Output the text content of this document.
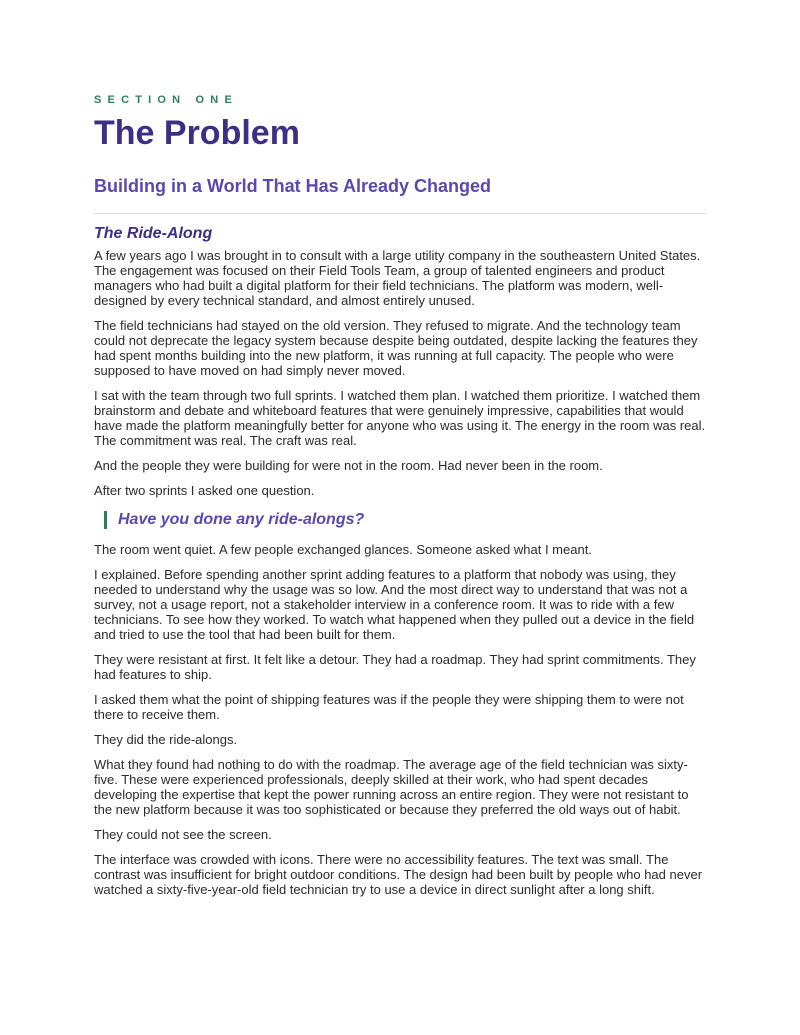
SECTION ONE

The Problem
Building in a World That Has Already Changed
The Ride-Along

A few years ago I was brought in to consult with a large utility company in the southeastern United States. The engagement was focused on their Field Tools Team, a group of talented engineers and product managers who had built a digital platform for their field technicians. The platform was modern, well-designed by every technical standard, and almost entirely unused.

The field technicians had stayed on the old version. They refused to migrate. And the technology team could not deprecate the legacy system because despite being outdated, despite lacking the features they had spent months building into the new platform, it was running at full capacity. The people who were supposed to have moved on had simply never moved.

I sat with the team through two full sprints. I watched them plan. I watched them prioritize. I watched them brainstorm and debate and whiteboard features that were genuinely impressive, capabilities that would have made the platform meaningfully better for anyone who was using it. The energy in the room was real. The commitment was real. The craft was real.

And the people they were building for were not in the room. Had never been in the room.

After two sprints I asked one question.

Have you done any ride-alongs?

The room went quiet. A few people exchanged glances. Someone asked what I meant.

I explained. Before spending another sprint adding features to a platform that nobody was using, they needed to understand why the usage was so low. And the most direct way to understand that was not a survey, not a usage report, not a stakeholder interview in a conference room. It was to ride with a few technicians. To see how they worked. To watch what happened when they pulled out a device in the field and tried to use the tool that had been built for them.

They were resistant at first. It felt like a detour. They had a roadmap. They had sprint commitments. They had features to ship.

I asked them what the point of shipping features was if the people they were shipping them to were not there to receive them.

They did the ride-alongs.

What they found had nothing to do with the roadmap. The average age of the field technician was sixty-five. These were experienced professionals, deeply skilled at their work, who had spent decades developing the expertise that kept the power running across an entire region. They were not resistant to the new platform because it was too sophisticated or because they preferred the old ways out of habit.

They could not see the screen.

The interface was crowded with icons. There were no accessibility features. The text was small. The contrast was insufficient for bright outdoor conditions. The design had been built by people who had never watched a sixty-five-year-old field technician try to use a device in direct sunlight after a long shift.
